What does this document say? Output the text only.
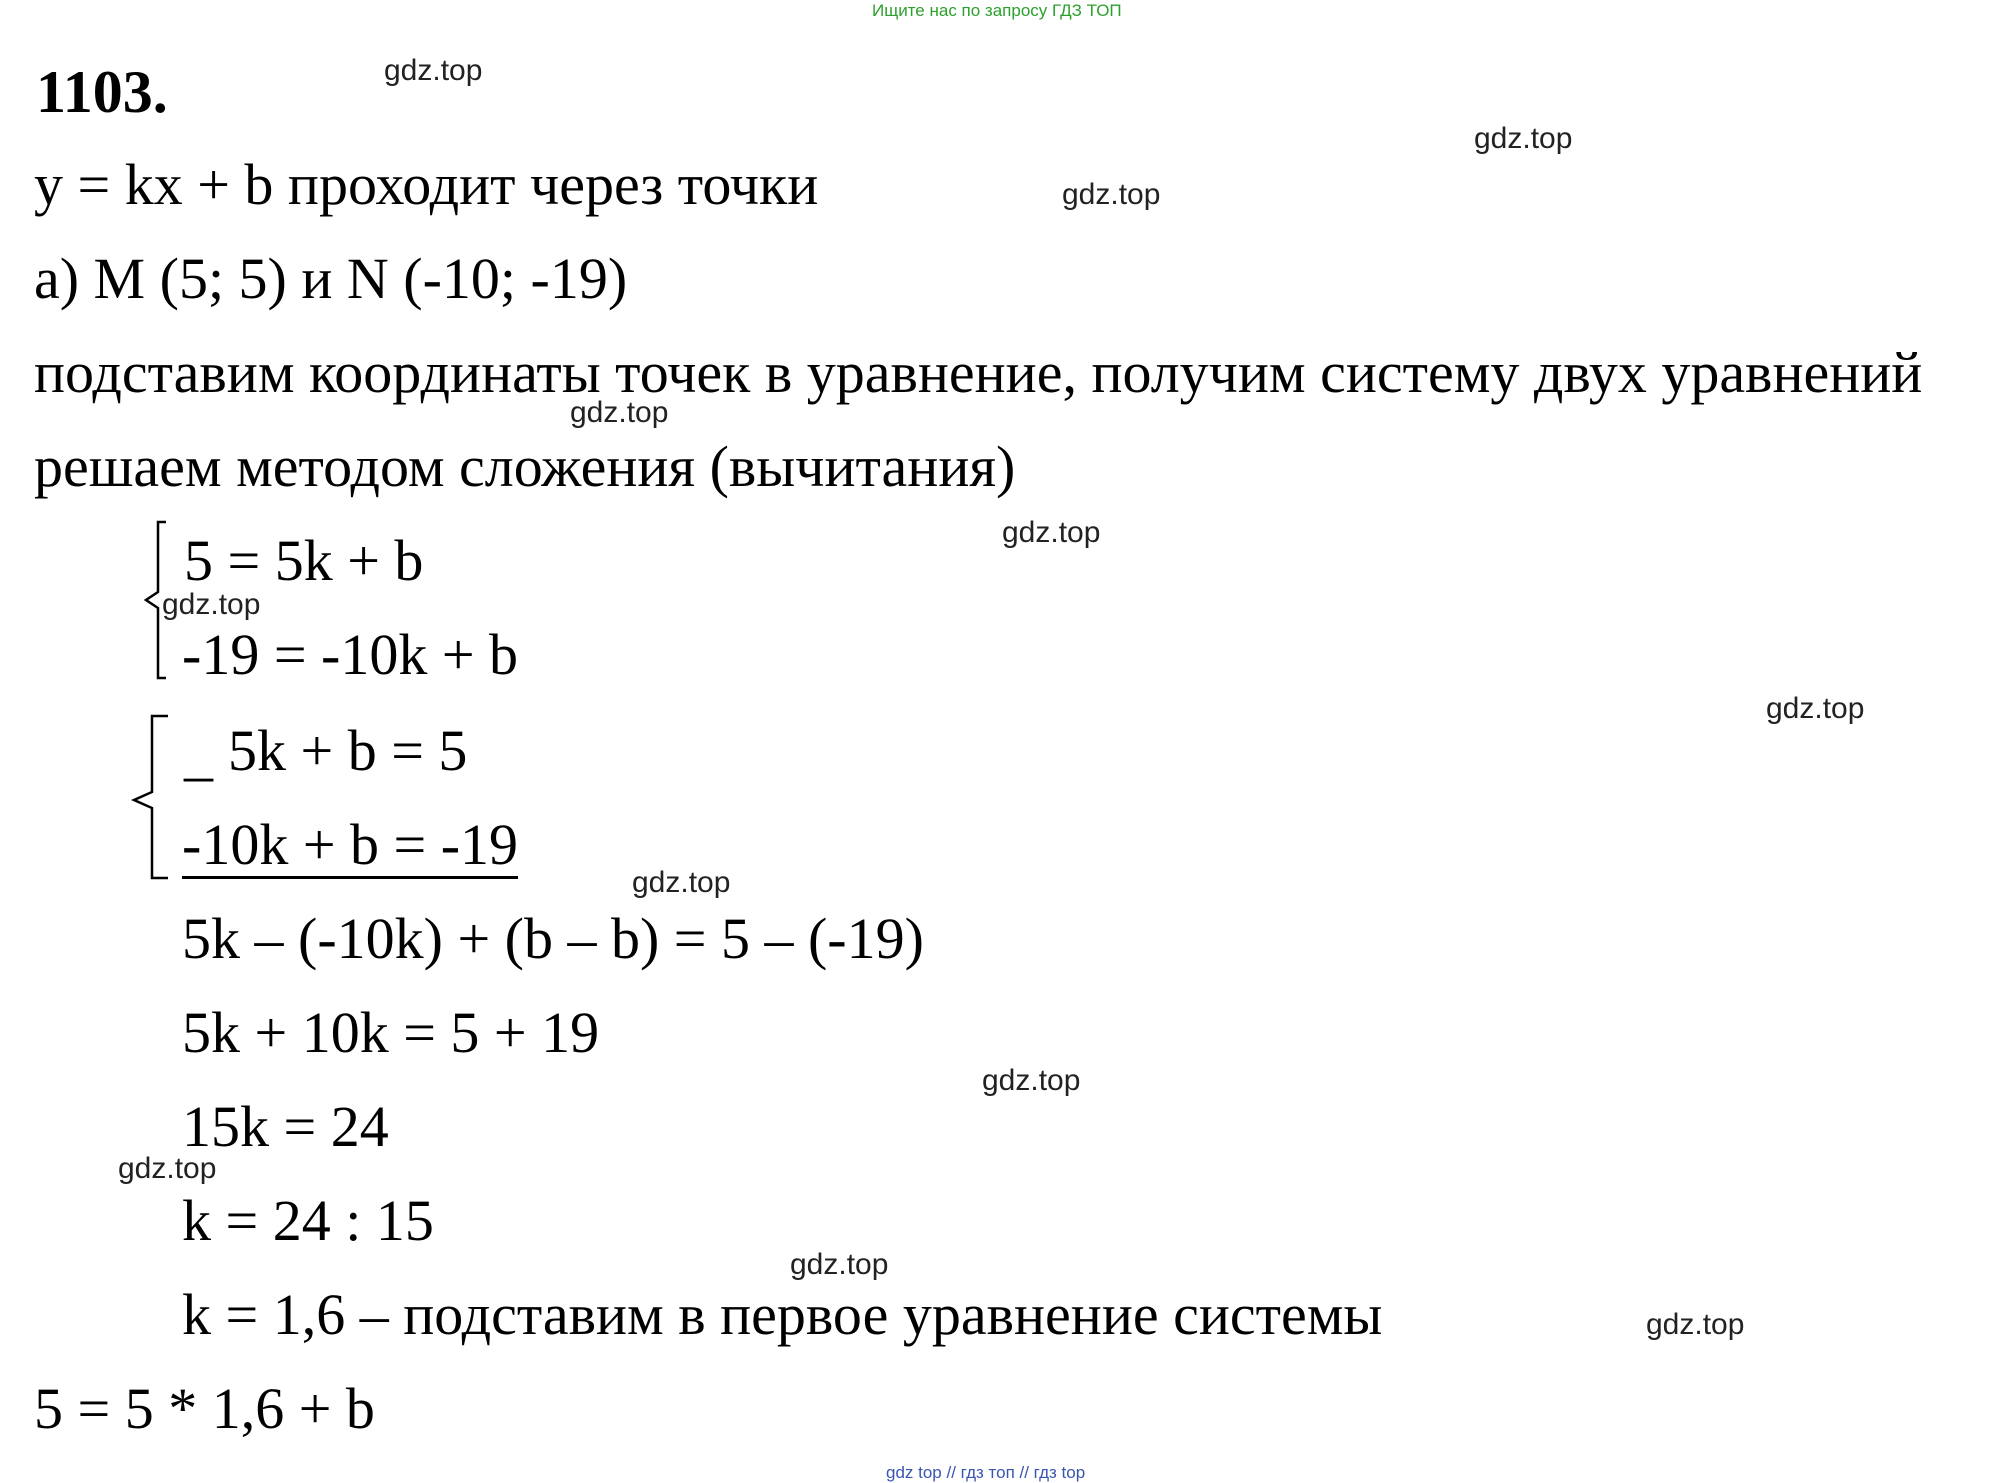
Ищите нас по запросу ГДЗ ТОП
1103.
y = kx + b проходит через точки
а) M (5; 5) и N (-10; -19)
подставим координаты точек в уравнение, получим систему двух уравнений
решаем методом сложения (вычитания)
5 = 5k + b
-19 = -10k + b
_ 5k + b = 5
-10k + b = -19
5k – (-10k) + (b – b) = 5 – (-19)
5k + 10k = 5 + 19
15k = 24
k = 24 : 15
k = 1,6 – подставим в первое уравнение системы
5 = 5 * 1,6 + b
gdz.top
gdz.top
gdz.top
gdz.top
gdz.top
gdz.top
gdz.top
gdz.top
gdz.top
gdz.top
gdz.top
gdz.top
gdz top // гдз топ // гдз top
